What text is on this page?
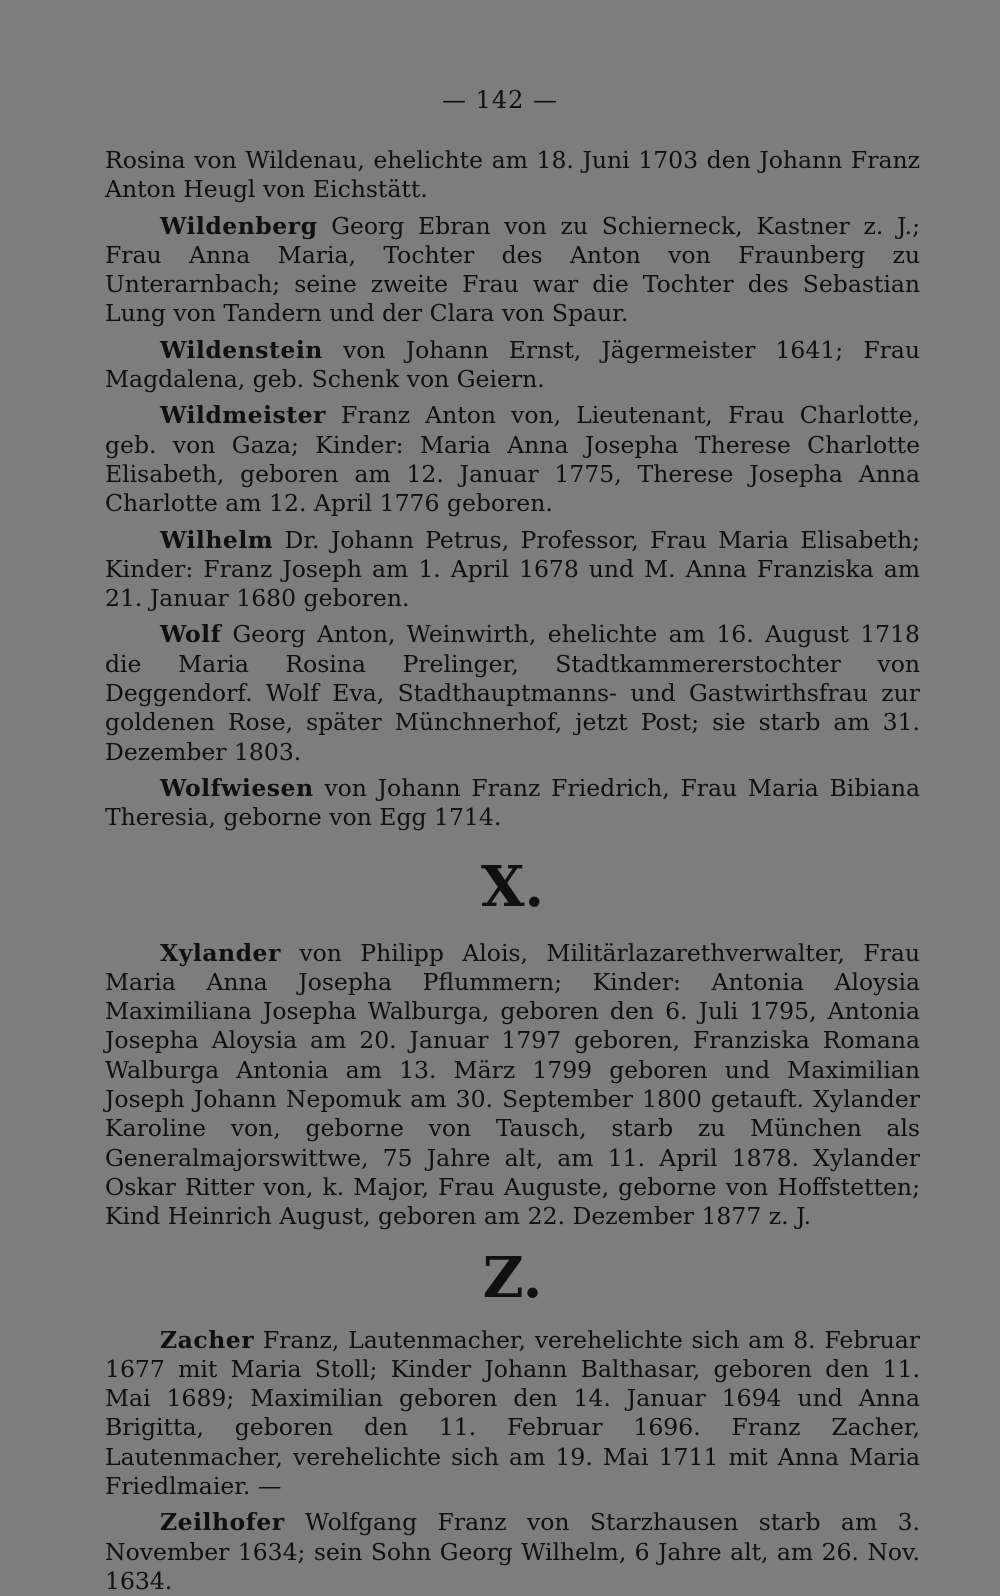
— 142 —

Rosina von Wildenau, ehelichte am 18. Juni 1703 den Johann Franz Anton Heugl von Eichstätt.

Wildenberg Georg Ebran von zu Schierneck, Kastner z. J.; Frau Anna Maria, Tochter des Anton von Fraunberg zu Unterarnbach; seine zweite Frau war die Tochter des Sebastian Lung von Tandern und der Clara von Spaur.

Wildenstein von Johann Ernst, Jägermeister 1641; Frau Magdalena, geb. Schenk von Geiern.

Wildmeister Franz Anton von, Lieutenant, Frau Charlotte, geb. von Gaza; Kinder: Maria Anna Josepha Therese Charlotte Elisabeth, geboren am 12. Januar 1775, Therese Josepha Anna Charlotte am 12. April 1776 geboren.

Wilhelm Dr. Johann Petrus, Professor, Frau Maria Elisabeth; Kinder: Franz Joseph am 1. April 1678 und M. Anna Franziska am 21. Januar 1680 geboren.

Wolf Georg Anton, Weinwirth, ehelichte am 16. August 1718 die Maria Rosina Prelinger, Stadtkammererstochter von Deggendorf. Wolf Eva, Stadthauptmanns- und Gastwirthsfrau zur goldenen Rose, später Münchnerhof, jetzt Post; sie starb am 31. Dezember 1803.

Wolfwiesen von Johann Franz Friedrich, Frau Maria Bibiana Theresia, geborne von Egg 1714.

X.

Xylander von Philipp Alois, Militärlazarethverwalter, Frau Maria Anna Josepha Pflummern; Kinder: Antonia Aloysia Maximiliana Josepha Walburga, geboren den 6. Juli 1795, Antonia Josepha Aloysia am 20. Januar 1797 geboren, Franziska Romana Walburga Antonia am 13. März 1799 geboren und Maximilian Joseph Johann Nepomuk am 30. September 1800 getauft. Xylander Karoline von, geborne von Tausch, starb zu München als Generalmajorswittwe, 75 Jahre alt, am 11. April 1878. Xylander Oskar Ritter von, k. Major, Frau Auguste, geborne von Hoffstetten; Kind Heinrich August, geboren am 22. Dezember 1877 z. J.

Z.

Zacher Franz, Lautenmacher, verehelichte sich am 8. Februar 1677 mit Maria Stoll; Kinder Johann Balthasar, geboren den 11. Mai 1689; Maximilian geboren den 14. Januar 1694 und Anna Brigitta, geboren den 11. Februar 1696. Franz Zacher, Lautenmacher, verehelichte sich am 19. Mai 1711 mit Anna Maria Friedlmaier. —

Zeilhofer Wolfgang Franz von Starzhausen starb am 3. November 1634; sein Sohn Georg Wilhelm, 6 Jahre alt, am 26. Nov. 1634.
